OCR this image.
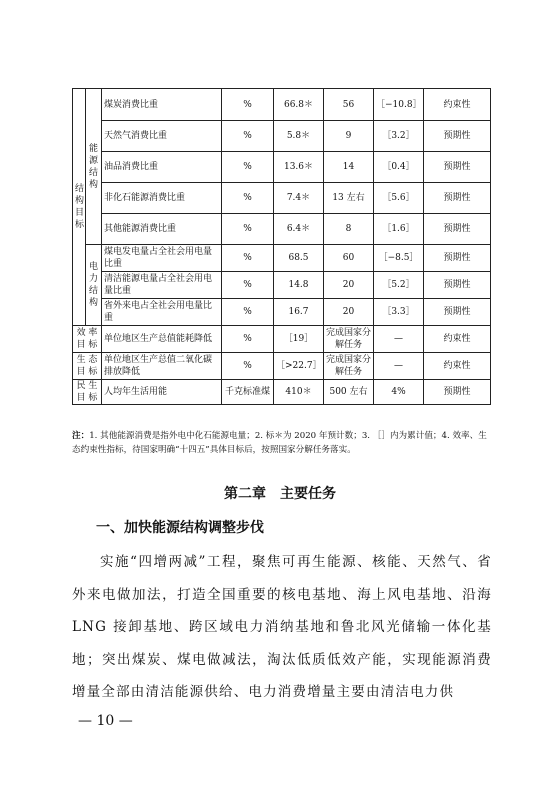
结
构
目
标	能
源
结
构	煤炭消费比重	%	66.8＊	56	［−10.8］	约束性
		天然气消费比重	%	5.8＊	9	［3.2］	预期性
		油品消费比重	%	13.6＊	14	［0.4］	预期性
		非化石能源消费比重	%	7.4＊	13 左右	［5.6］	预期性
		其他能源消费比重	%	6.4＊	8	［1.6］	预期性

	电
力
结
构	煤电发电量占全社会用电量比重	%	68.5	60	［−8.5］	预期性
		清洁能源电量占全社会用电量比重	%	14.8	20	［5.2］	预期性
		省外来电占全社会用电量比重	%	16.7	20	［3.3］	预期性

效 率
目 标		单位地区生产总值能耗降低	%	［19］	完成国家分解任务	—	约束性

生 态
目 标		单位地区生产总值二氧化碳排放降低	%	［>22.7］	完成国家分解任务	—	约束性

民 生
目 标		人均年生活用能	千克标准煤	410＊	500 左右	4%	预期性
注：1. 其他能源消费是指外电中化石能源电量；2. 标＊为 2020 年预计数；3. ［］内为累计值；4. 效率、生态约束性指标，待国家明确“十四五”具体目标后，按照国家分解任务落实。
第二章　主要任务
一、加快能源结构调整步伐
实施“四增两减”工程，聚焦可再生能源、核能、天然气、省外来电做加法，打造全国重要的核电基地、海上风电基地、沿海 LNG 接卸基地、跨区域电力消纳基地和鲁北风光储输一体化基地；突出煤炭、煤电做减法，淘汰低质低效产能，实现能源消费增量全部由清洁能源供给、电力消费增量主要由清洁电力供
— 10 —
